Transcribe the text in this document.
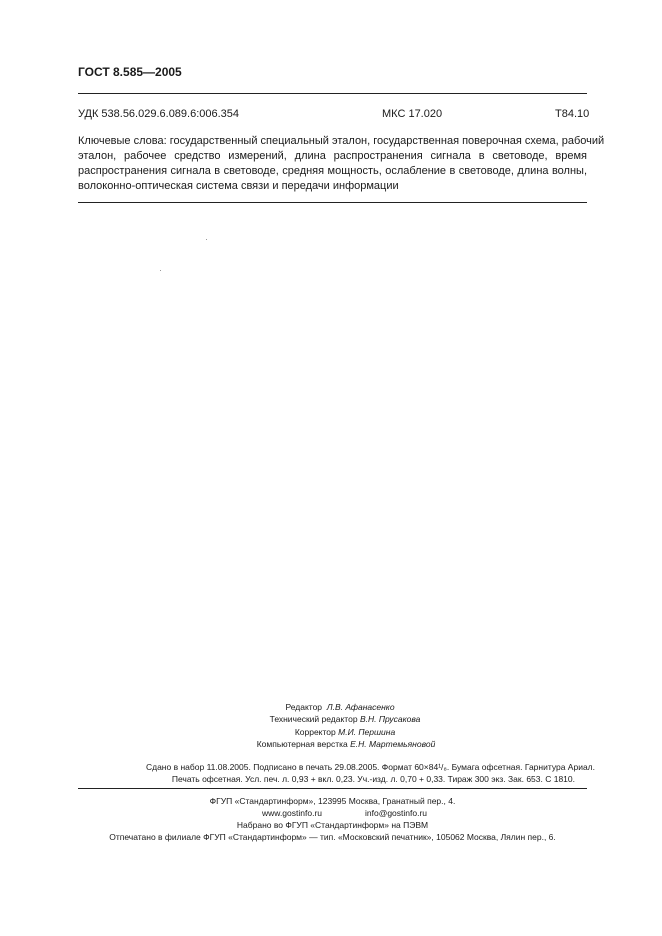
ГОСТ 8.585—2005
УДК 538.56.029.6.089.6:006.354	МКС 17.020	Т84.10
Ключевые слова: государственный специальный эталон, государственная поверочная схема, рабочий
эталон, рабочее средство измерений, длина распространения сигнала в световоде, время
распространения сигнала в световоде, средняя мощность, ослабление в световоде, длина волны,
волоконно-оптическая система связи и передачи информации
Редактор Л.В. Афанасенко
Технический редактор В.Н. Прусакова
Корректор М.И. Першина
Компьютерная верстка Е.Н. Мартемьяновой
Сдано в набор 11.08.2005. Подписано в печать 29.08.2005. Формат 60×84¹/₈. Бумага офсетная. Гарнитура Ариал.
Печать офсетная. Усл. печ. л. 0,93 + вкл. 0,23. Уч.-изд. л. 0,70 + 0,33. Тираж 300 экз. Зак. 653. С 1810.
ФГУП «Стандартинформ», 123995 Москва, Гранатный пер., 4.
www.gostinfo.ru	info@gostinfo.ru
Набрано во ФГУП «Стандартинформ» на ПЭВМ
Отпечатано в филиале ФГУП «Стандартинформ» — тип. «Московский печатник», 105062 Москва, Лялин пер., 6.
